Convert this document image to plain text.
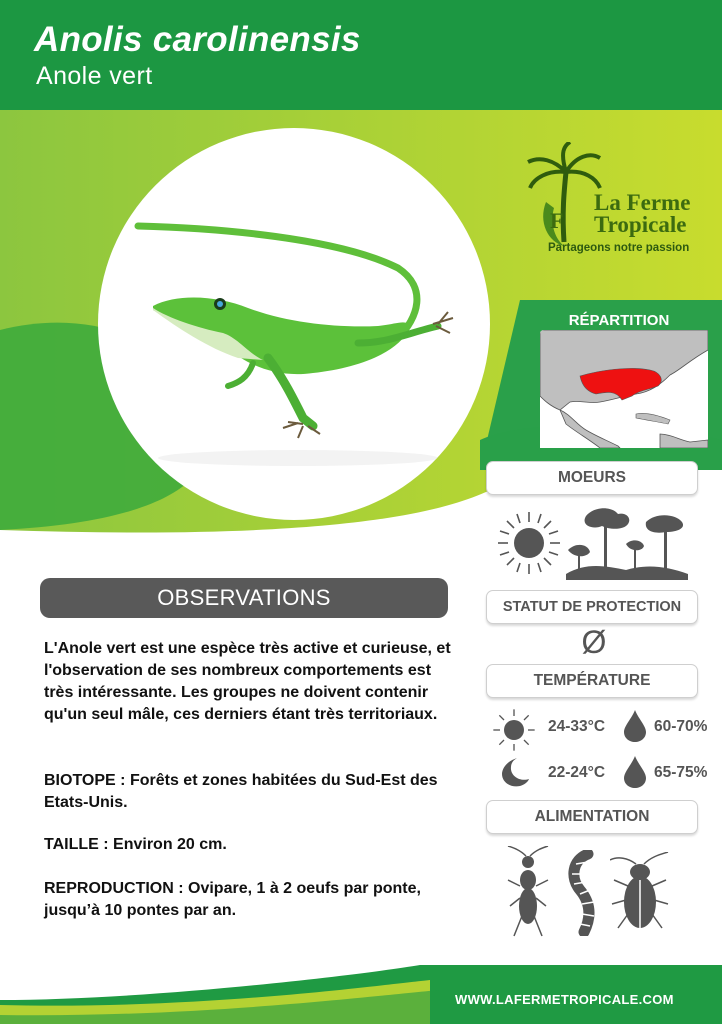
Anolis carolinensis
Anole vert
F
La Ferme
Tropicale
Partageons notre passion
RÉPARTITION
MOEURS
STATUT DE PROTECTION
Ø
TEMPÉRATURE
24-33°C	60-70%
22-24°C	65-75%
ALIMENTATION
OBSERVATIONS
L'Anole vert est une espèce très active et curieuse, et l'observation de ses nombreux comportements est très intéressante. Les groupes ne doivent contenir qu'un seul mâle, ces derniers étant très territoriaux.
BIOTOPE : Forêts et zones habitées du Sud-Est des Etats-Unis.
TAILLE : Environ 20 cm.
REPRODUCTION : Ovipare, 1 à 2 oeufs par ponte, jusqu’à 10 pontes par an.
WWW.LAFERMETROPICALE.COM
